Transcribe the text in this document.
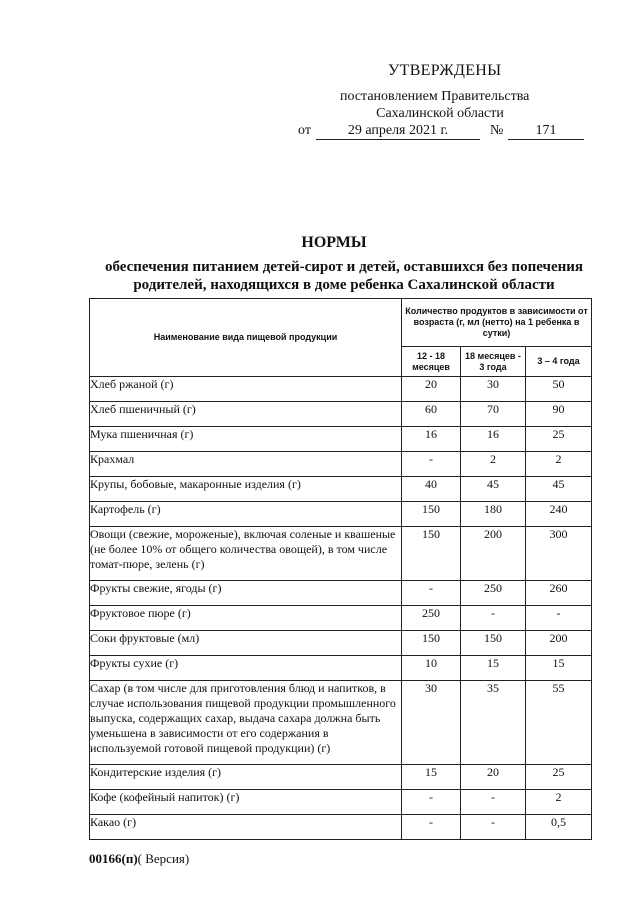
УТВЕРЖДЕНЫ
постановлением Правительства
Сахалинской области
от	29 апреля 2021 г.	№	171
НОРМЫ
обеспечения питанием детей-сирот и детей, оставшихся без попечения
родителей, находящихся в доме ребенка Сахалинской области
Наименование вида пищевой продукции	Количество продуктов в зависимости от возраста (г, мл (нетто) на 1 ребенка в сутки)		
	12 - 18 месяцев	18 месяцев - 3 года	3 – 4 года
Хлеб ржаной (г)	20	30	50
Хлеб пшеничный (г)	60	70	90
Мука пшеничная (г)	16	16	25
Крахмал	-	2	2
Крупы, бобовые, макаронные изделия (г)	40	45	45
Картофель (г)	150	180	240
Овощи (свежие, мороженые), включая соленые и квашеные (не более 10% от общего количества овощей), в том числе томат-пюре, зелень (г)	150	200	300
Фрукты свежие, ягоды (г)	-	250	260
Фруктовое пюре (г)	250	-	-
Соки фруктовые (мл)	150	150	200
Фрукты сухие (г)	10	15	15
Сахар (в том числе для приготовления блюд и напитков, в случае использования пищевой продукции промышленного выпуска, содержащих сахар, выдача сахара должна быть уменьшена в зависимости от его содержания в используемой готовой пищевой продукции) (г)	30	35	55
Кондитерские изделия (г)	15	20	25
Кофе (кофейный напиток) (г)	-	-	2
Какао (г)	-	-	0,5
00166(п)( Версия)
